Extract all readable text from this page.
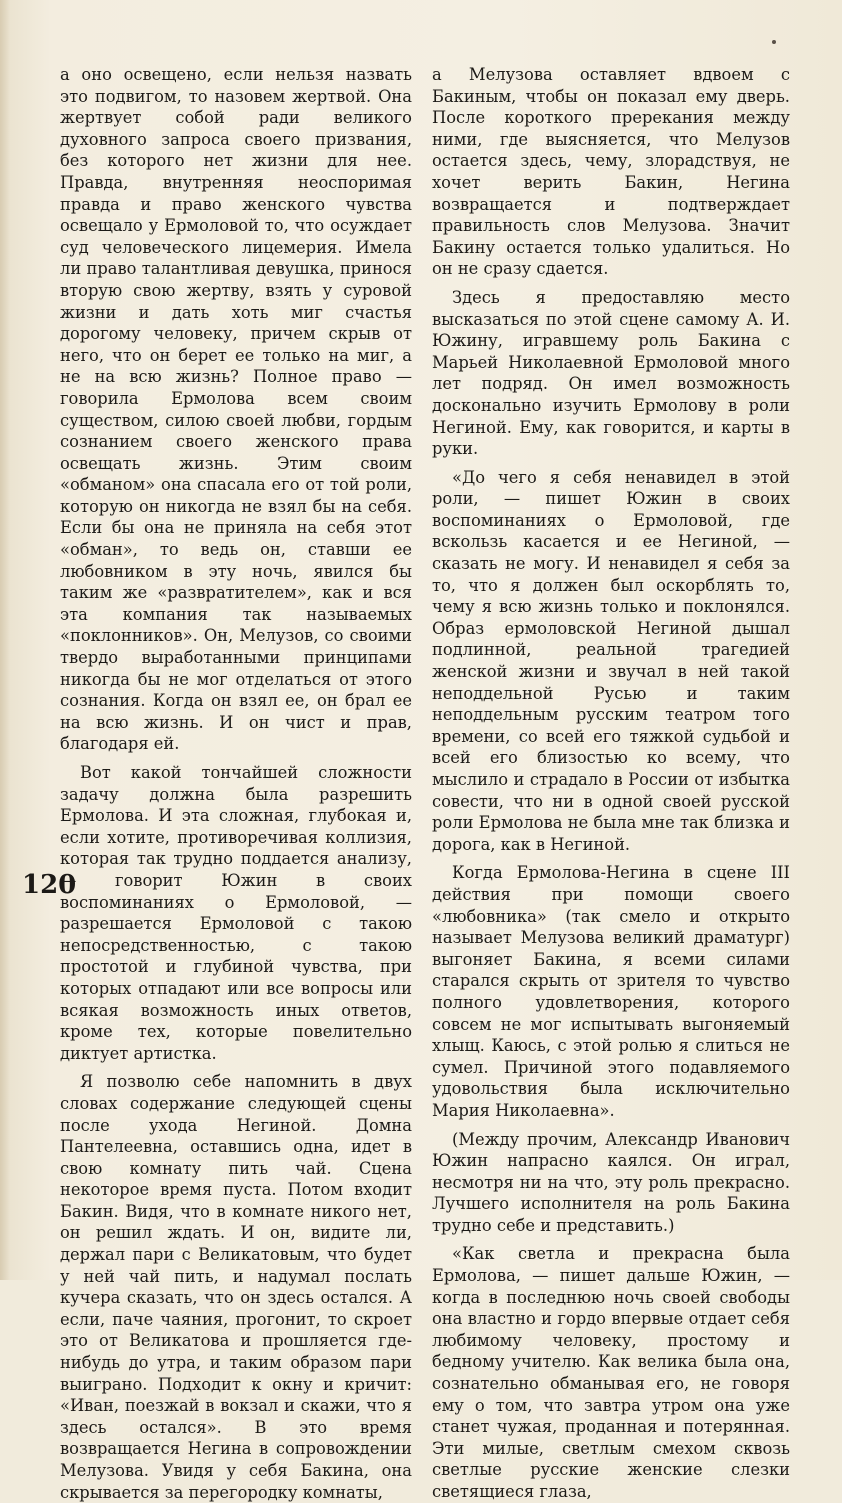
а оно освещено, если нельзя назвать это подвигом, то назовем жертвой. Она жертвует собой ради великого духовного запроса своего призвания, без которого нет жизни для нее. Правда, внутренняя неоспоримая правда и право женского чувства освещало у Ермоловой то, что осуждает суд человеческого лицемерия. Имела ли право талантливая девушка, принося вторую свою жертву, взять у суровой жизни и дать хоть миг счастья дорогому человеку, причем скрыв от него, что он берет ее только на миг, а не на всю жизнь? Полное право — говорила Ермолова всем своим существом, силою своей любви, гордым сознанием своего женского права освещать жизнь. Этим своим «обманом» она спасала его от той роли, которую он никогда не взял бы на себя. Если бы она не приняла на себя этот «обман», то ведь он, ставши ее любовником в эту ночь, явился бы таким же «развратителем», как и вся эта компания так называемых «поклонников». Он, Мелузов, со своими твердо выработанными принципами никогда бы не мог отделаться от этого сознания. Когда он взял ее, он брал ее на всю жизнь. И он чист и прав, благодаря ей.

Вот какой тончайшей сложности задачу должна была разрешить Ермолова. И эта сложная, глубокая и, если хотите, противоречивая коллизия, которая так трудно поддается анализу, — говорит Южин в своих воспоминаниях о Ермоловой, — разрешается Ермоловой с такою непосредственностью, с такою простотой и глубиной чувства, при которых отпадают или все вопросы или всякая возможность иных ответов, кроме тех, которые повелительно диктует артистка.

Я позволю себе напомнить в двух словах содержание следующей сцены после ухода Негиной. Домна Пантелеевна, оставшись одна, идет в свою комнату пить чай. Сцена некоторое время пуста. Потом входит Бакин. Видя, что в комнате никого нет, он решил ждать. И он, видите ли, держал пари с Великатовым, что будет у ней чай пить, и надумал послать кучера сказать, что он здесь остался. А если, паче чаяния, прогонит, то скроет это от Великатова и прошляется где-нибудь до утра, и таким образом пари выиграно. Подходит к окну и кричит: «Иван, поезжай в вокзал и скажи, что я здесь остался». В это время возвращается Негина в сопровождении Мелузова. Увидя у себя Бакина, она скрывается за перегородку комнаты,

а Мелузова оставляет вдвоем с Бакиным, чтобы он показал ему дверь. После короткого пререкания между ними, где выясняется, что Мелузов остается здесь, чему, злорадствуя, не хочет верить Бакин, Негина возвращается и подтверждает правильность слов Мелузова. Значит Бакину остается только удалиться. Но он не сразу сдается.

Здесь я предоставляю место высказаться по этой сцене самому А. И. Южину, игравшему роль Бакина с Марьей Николаевной Ермоловой много лет подряд. Он имел возможность досконально изучить Ермолову в роли Негиной. Ему, как говорится, и карты в руки.

«До чего я себя ненавидел в этой роли, — пишет Южин в своих воспоминаниях о Ермоловой, где вскользь касается и ее Негиной, — сказать не могу. И ненавидел я себя за то, что я должен был оскорблять то, чему я всю жизнь только и поклонялся. Образ ермоловской Негиной дышал подлинной, реальной трагедией женской жизни и звучал в ней такой неподдельной Русью и таким неподдельным русским театром того времени, со всей его тяжкой судьбой и всей его близостью ко всему, что мыслило и страдало в России от избытка совести, что ни в одной своей русской роли Ермолова не была мне так близка и дорога, как в Негиной.

Когда Ермолова-Негина в сцене III действия при помощи своего «любовника» (так смело и открыто называет Мелузова великий драматург) выгоняет Бакина, я всеми силами старался скрыть от зрителя то чувство полного удовлетворения, которого совсем не мог испытывать выгоняемый хлыщ. Каюсь, с этой ролью я слиться не сумел. Причиной этого подавляемого удовольствия была исключительно Мария Николаевна».

(Между прочим, Александр Иванович Южин напрасно каялся. Он играл, несмотря ни на что, эту роль прекрасно. Лучшего исполнителя на роль Бакина трудно себе и представить.)

«Как светла и прекрасна была Ермолова, — пишет дальше Южин, — когда в последнюю ночь своей свободы она властно и гордо впервые отдает себя любимому человеку, простому и бедному учителю. Как велика была она, сознательно обманывая его, не говоря ему о том, что завтра утром она уже станет чужая, проданная и потерянная. Эти милые, светлым смехом сквозь светлые русские женские слезки светящиеся глаза,

120
